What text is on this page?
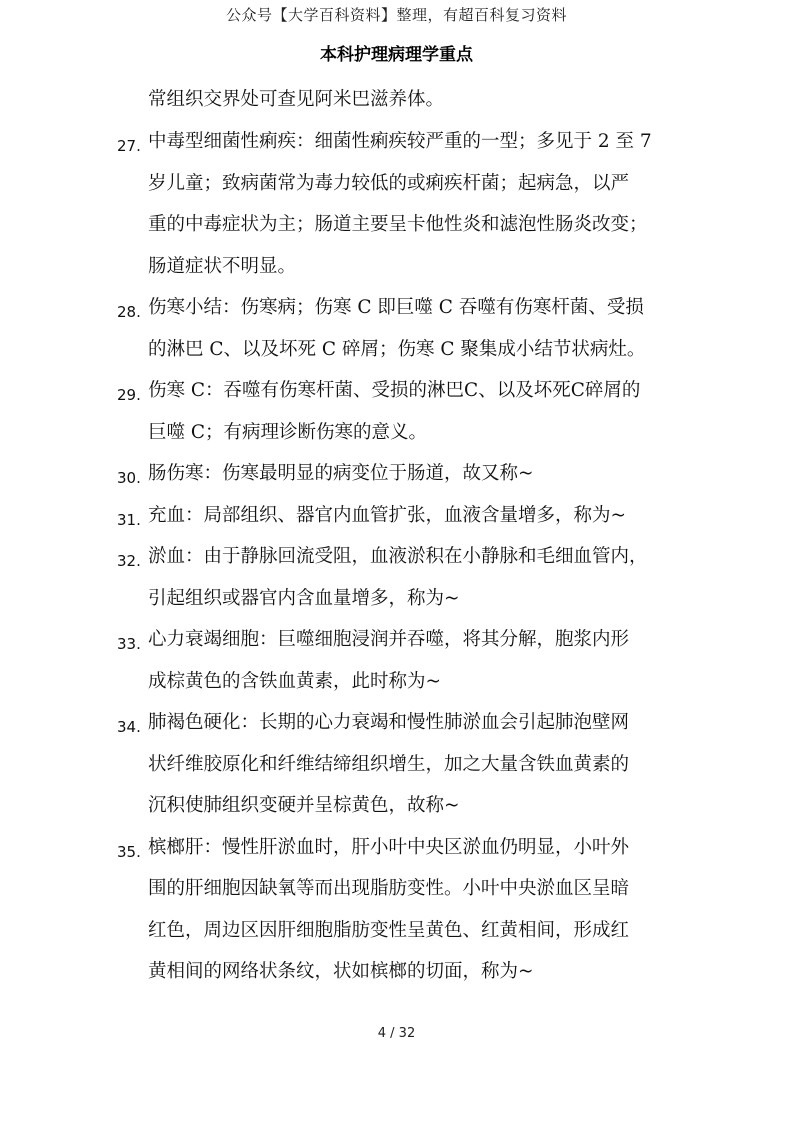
公众号【大学百科资料】整理，有超百科复习资料
本科护理病理学重点
常组织交界处可查见阿米巴滋养体。
27. 中毒型细菌性痢疾：细菌性痢疾较严重的一型；多见于 2 至 7
岁儿童；致病菌常为毒力较低的或痢疾杆菌；起病急，以严
重的中毒症状为主；肠道主要呈卡他性炎和滤泡性肠炎改变；
肠道症状不明显。
28. 伤寒小结：伤寒病；伤寒 C 即巨噬 C 吞噬有伤寒杆菌、受损
的淋巴 C、以及坏死 C 碎屑；伤寒 C 聚集成小结节状病灶。
29. 伤寒 C：吞噬有伤寒杆菌、受损的淋巴C、以及坏死C碎屑的
巨噬 C；有病理诊断伤寒的意义。
30. 肠伤寒：伤寒最明显的病变位于肠道，故又称~
31. 充血：局部组织、器官内血管扩张，血液含量增多，称为~
32. 淤血：由于静脉回流受阻，血液淤积在小静脉和毛细血管内，
引起组织或器官内含血量增多，称为~
33. 心力衰竭细胞：巨噬细胞浸润并吞噬，将其分解，胞浆内形
成棕黄色的含铁血黄素，此时称为~
34. 肺褐色硬化：长期的心力衰竭和慢性肺淤血会引起肺泡壁网
状纤维胶原化和纤维结缔组织增生，加之大量含铁血黄素的
沉积使肺组织变硬并呈棕黄色，故称~
35. 槟榔肝：慢性肝淤血时，肝小叶中央区淤血仍明显，小叶外
围的肝细胞因缺氧等而出现脂肪变性。小叶中央淤血区呈暗
红色，周边区因肝细胞脂肪变性呈黄色、红黄相间，形成红
黄相间的网络状条纹，状如槟榔的切面，称为~
4 / 32
